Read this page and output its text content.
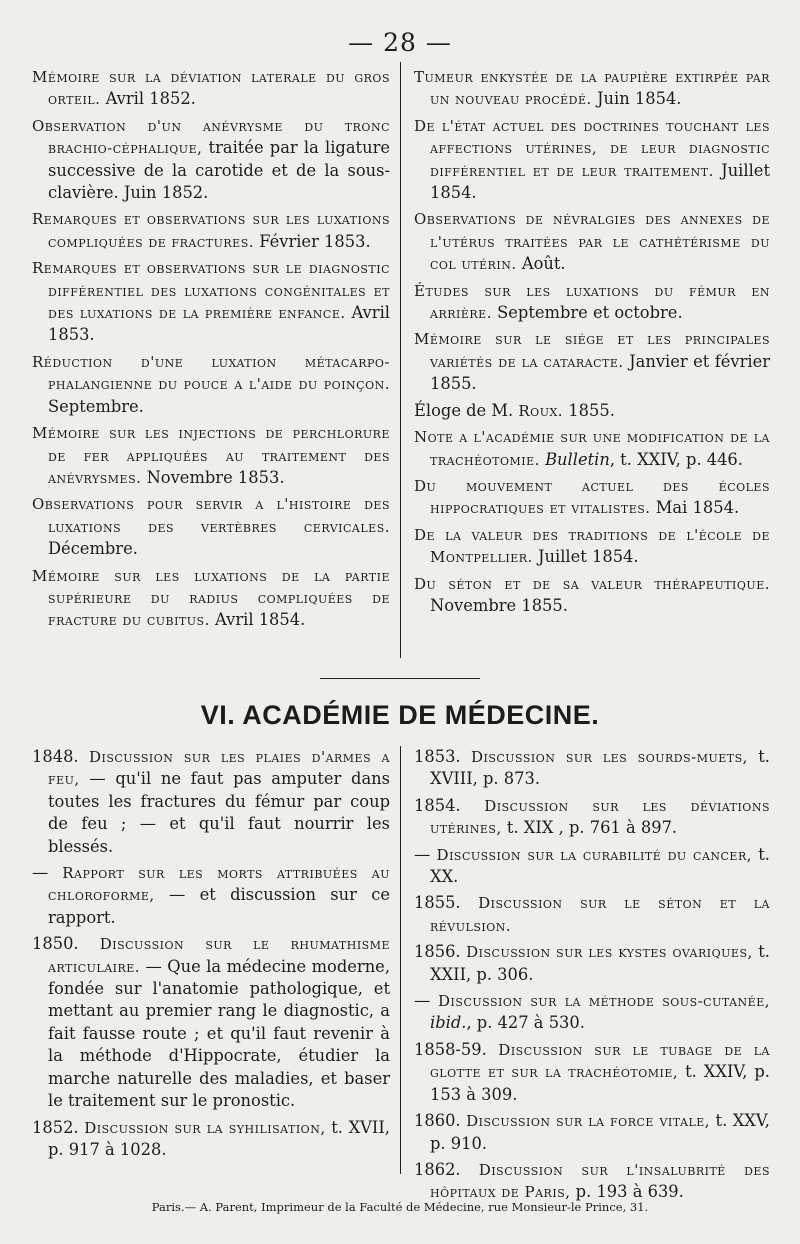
— 28 —

Mémoire sur la déviation laterale du gros orteil. Avril 1852.

Observation d'un anévrysme du tronc brachio-céphalique, traitée par la ligature successive de la carotide et de la sous-clavière. Juin 1852.

Remarques et observations sur les luxations compliquées de fractures. Février 1853.

Remarques et observations sur le diagnostic différentiel des luxations congénitales et des luxations de la première enfance. Avril 1853.

Réduction d'une luxation métacarpo-phalangienne du pouce a l'aide du poinçon. Septembre.

Mémoire sur les injections de perchlorure de fer appliquées au traitement des anévrysmes. Novembre 1853.

Observations pour servir a l'histoire des luxations des vertèbres cervicales. Décembre.

Mémoire sur les luxations de la partie supérieure du radius compliquées de fracture du cubitus. Avril 1854.

Tumeur enkystée de la paupière extirpée par un nouveau procédé. Juin 1854.

De l'état actuel des doctrines touchant les affections utérines, de leur diagnostic différentiel et de leur traitement. Juillet 1854.

Observations de névralgies des annexes de l'utérus traitées par le cathétérisme du col utérin. Août.

Études sur les luxations du fémur en arrière. Septembre et octobre.

Mémoire sur le siége et les principales variétés de la cataracte. Janvier et février 1855.

Éloge de M. Roux. 1855.

Note a l'académie sur une modification de la trachéotomie. Bulletin, t. XXIV, p. 446.

Du mouvement actuel des écoles hippocratiques et vitalistes. Mai 1854.

De la valeur des traditions de l'école de Montpellier. Juillet 1854.

Du séton et de sa valeur thérapeutique. Novembre 1855.

VI. ACADÉMIE DE MÉDECINE.

1848. Discussion sur les plaies d'armes a feu, — qu'il ne faut pas amputer dans toutes les fractures du fémur par coup de feu ; — et qu'il faut nourrir les blessés.

— Rapport sur les morts attribuées au chloroforme, — et discussion sur ce rapport.

1850. Discussion sur le rhumathisme articulaire. — Que la médecine moderne, fondée sur l'anatomie pathologique, et mettant au premier rang le diagnostic, a fait fausse route ; et qu'il faut revenir à la méthode d'Hippocrate, étudier la marche naturelle des maladies, et baser le traitement sur le pronostic.

1852. Discussion sur la syhilisation, t. XVII, p. 917 à 1028.

1853. Discussion sur les sourds-muets, t. XVIII, p. 873.

1854. Discussion sur les déviations utérines, t. XIX , p. 761 à 897.

— Discussion sur la curabilité du cancer, t. XX.

1855. Discussion sur le séton et la révulsion.

1856. Discussion sur les kystes ovariques, t. XXII, p. 306.

— Discussion sur la méthode sous-cutanée, ibid., p. 427 à 530.

1858-59. Discussion sur le tubage de la glotte et sur la trachéotomie, t. XXIV, p. 153 à 309.

1860. Discussion sur la force vitale, t. XXV, p. 910.

1862. Discussion sur l'insalubrité des hôpitaux de Paris, p. 193 à 639.

Paris.— A. Parent, Imprimeur de la Faculté de Médecine, rue Monsieur-le Prince, 31.
